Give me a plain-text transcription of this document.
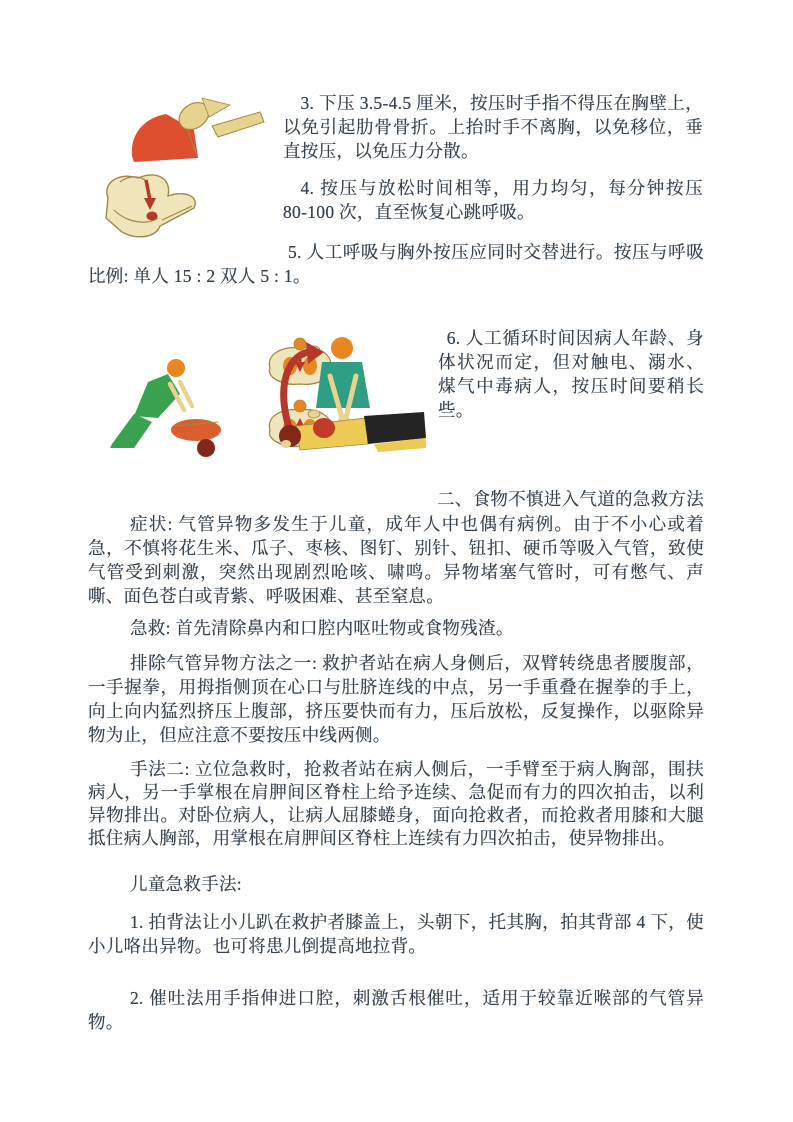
3. 下压 3.5-4.5 厘米，按压时手指不得压在胸壁上，以免引起肋骨骨折。上抬时手不离胸，以免移位，垂直按压，以免压力分散。

4. 按压与放松时间相等，用力均匀，每分钟按压 80-100 次，直至恢复心跳呼吸。

5. 人工呼吸与胸外按压应同时交替进行。按压与呼吸比例: 单人 15 : 2 双人 5 : 1。

6. 人工循环时间因病人年龄、身体状况而定，但对触电、溺水、煤气中毒病人，按压时间要稍长些。

二、食物不慎进入气道的急救方法

症状: 气管异物多发生于儿童，成年人中也偶有病例。由于不小心或着急，不慎将花生米、瓜子、枣核、图钉、别针、钮扣、硬币等吸入气管，致使气管受到刺激，突然出现剧烈呛咳、啸鸣。异物堵塞气管时，可有憋气、声嘶、面色苍白或青紫、呼吸困难、甚至窒息。

急救: 首先清除鼻内和口腔内呕吐物或食物残渣。

排除气管异物方法之一: 救护者站在病人身侧后，双臂转绕患者腰腹部，一手握拳，用拇指侧顶在心口与肚脐连线的中点，另一手重叠在握拳的手上，向上向内猛烈挤压上腹部，挤压要快而有力，压后放松，反复操作，以驱除异物为止，但应注意不要按压中线两侧。

手法二: 立位急救时，抢救者站在病人侧后，一手臂至于病人胸部，围扶病人，另一手掌根在肩胛间区脊柱上给予连续、急促而有力的四次拍击，以利异物排出。对卧位病人，让病人屈膝蜷身，面向抢救者，而抢救者用膝和大腿抵住病人胸部，用掌根在肩胛间区脊柱上连续有力四次拍击，使异物排出。

儿童急救手法:

1. 拍背法让小儿趴在救护者膝盖上，头朝下，托其胸，拍其背部 4 下，使小儿咯出异物。也可将患儿倒提高地拉背。

2. 催吐法用手指伸进口腔，刺激舌根催吐，适用于较靠近喉部的气管异物。
